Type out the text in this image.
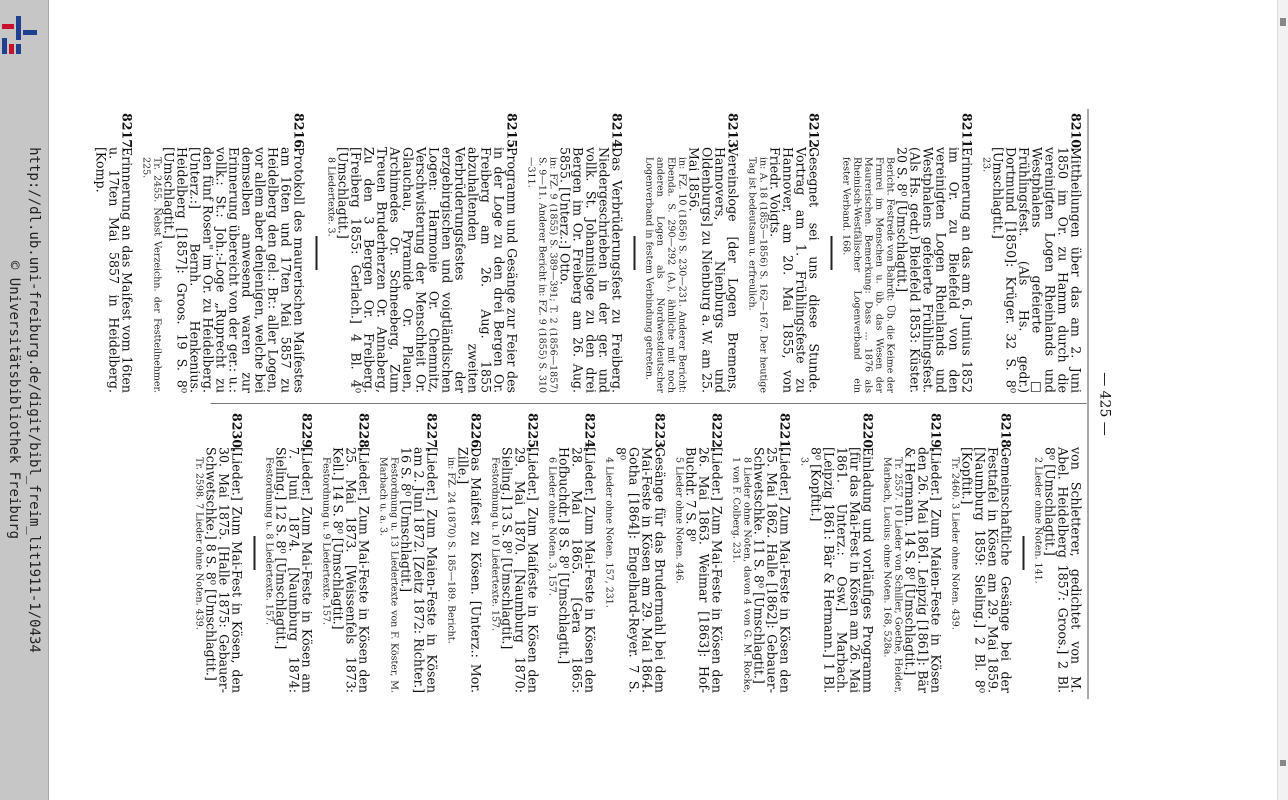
http://dl.ub.uni-freiburg.de/digit/bibl_freim_lit1911-1/0434
© Universitätsbibliothek Freiburg	— 425 —
8210.
Mittheilungen über das am 2. Juni 1850 im Or. zu Hamm durch die vereinigten Logen Rheinlands und Westphalens gefeierte □ Frühlingsfest. (Als Hs. gedr.) Dortmund [1850]: Krüger. 32 S. 8⁰ [Umschlagtit.]
23.
8211.
Erinnerung an das am 6. Junius 1852 im Or. zu Bielefeld von den vereinigten Logen Rheinlands und Westphalens gefeierte Frühlingsfest. (Als Hs. gedr.) Bielefeld 1853: Küster. 20 S. 8⁰ [Umschlagtit.]
Bericht. Festrede von Bahrdt: Üb. die Keime der Frmrei im Menschen u. üb. das Wesen der Maurerischen. Bemerkung: Dass ... 1876 als Rheinisch-Westfälischer Logenverband ein fester Verband. 168.
8212.
Gesegnet sei uns diese Stunde. Vortrag am 1. Frühlingsfeste zu Hannover, am 20. Mai 1855, von Friedr. Voigts.
in: A. 18 (1855—1856) S. 162—167. Der heutige Tag ist bedeutsam u. erfreulich.
8213.
Vereinsloge [der Logen Bremens, Hannovers, Nienburgs und Oldenburgs] zu Nienburg a. W. am 25. Mai 1856.
in: FZ. 10 (1856) S. 230—231. Anderer Bericht: Ebenda. S. 290—292 (A.), ähnliche mit noch anderen Logen als Nordwestdeutscher Logenverband in festem Verbindung getreten.
8214.
Das Verbrüderungsfest zu Freiberg. Niedergeschrieben in der ger. und vollk. St. Johannisloge zu den drei Bergen im Or. Freiberg am 26. Aug. 5855. [Unterz.:] Otto.
in: FZ. 9 (1855) S. 389—391; T. 2 (1856—1857) S. 9—11. Anderer Bericht in: FZ. 9 (1855) S. 310—311.
8215.
Programm und Gesänge zur Feier des in der Loge zu den drei Bergen Or. Freiberg am 26. Aug. 1855 abzuhaltenden zweiten Verbrüderungsfestes der erzgebirgischen und voigtländischen Logen: Harmonie Or. Chemnitz, Verschwisterung der Menschheit Or. Glauchau, Pyramide Or. Plauen, Archimedes Or. Schneeberg, Zum Treuen Bruderherzen Or. Annaberg, Zu den 3 Bergen Or. Freiberg. [Freiberg 1855: Gerlach.] 4 Bl. 4⁰ [Umschlagtit.]
8 Liedertexte. 3.
8216.
Protokoll des maurerischen Maifestes am 16ten und 17ten Mai 5857 zu Heidelberg den gel.: Br.: aller Logen, vor allem aber denjenigen, welche bei demselben anwesend waren zur Erinnerung übereicht von der ger.: u.: vollk.: St.: Joh.:-Loge „Ruprecht zu den fünf Rosen" im Or. zu Heidelberg. [Unterz.:] Bernh. Henkenius. Heidelberg [1857]: Groos. 19 S. 8⁰ [Umschlagtit.]
Tr. 2455. Nebst Verzeichn. der Festteilnehmer. 225.
8217.
Erinnerung an das Maifest vom 16ten u. 17ten Mai 5857 in Heidelberg. [Komp.
von Schletterer, gedichtet von M. Abel. Heidelberg 1857: Groos.] 2 Bl. 8⁰ [Umschlagtit.]
2 Lieder ohne Noten. 141.
8218.
Gemeinschaftliche Gesänge bei der Festtafel in Kösen am 29. Mai 1859. [Naumburg 1859: Sieling.] 2 Bl. 8⁰ [Kopftit.]
Tr. 2460. 3 Lieder ohne Noten. 439.
8219.
[Lieder.] Zum Maien-Feste in Kösen den 26. Mai 1861. Leipzig [1861]: Bär & Hermann. 14 S. 8⁰ [Umschlagtit.]
Tr. 2557. 10 Lieder von Schiller, Goethe, Heider, Marbach, Lucius; ohne Noten. 168, 528a.
8220.
Einladung und vorläufiges Programm [für das Mai-Fest in Kösen am 26. Mai 1861. Unterz.: Osw.] Marbach. [Leipzig 1861: Bär & Hermann.] 1 Bl. 8⁰ [Kopftit.]
3.
8221.
[Lieder.] Zum Mai-Feste in Kösen den 25. Mai 1862. Halle [1862]: Gebauer-Schwetschke. 11 S. 8⁰ [Umschlagtit.]
8 Lieder ohne Noten, davon 4 von G. M. Rocke, 1 von F. Colberg. 231.
8222.
[Lieder.] Zum Mai-Feste in Kösen den 26. Mai 1863. Weimar [1863]: Hof-Buchdr. 7 S. 8⁰
5 Lieder ohne Noten. 446.
8223.
Gesänge für das Brudermahl bei dem Mai-Feste in Kösen am 29. Mai 1864. Gotha [1864]: Engelhard-Reyer. 7 S. 8⁰
4 Lieder ohne Noten. 157, 231.
8224.
[Lieder.] Zum Mai-Feste in Kösen den 28. Mai 1865. [Gera 1865: Hofbuchdr.] 8 S. 8⁰ [Umschlagtit.]
6 Lieder ohne Noten. 3, 157.
8225.
[Lieder.] Zum Maifeste in Kösen den 29. Mai 1870. [Naumburg 1870: Sieling.] 13 S. 8⁰ [Umschlagtit.]
Festordnung u. 10 Liedertexte. 157.
8226.
Das Maifest zu Kösen. [Unterz.: Mor. Zille.]
in: FZ. 24 (1870) S. 185—189. Bericht.
8227.
[Lieder.] Zum Maien-Feste in Kösen am 2. Juni 1872. [Zeitz 1872: Richter.] 16 S. 8⁰ [Umschlagtit.]
Festordnung u. 13 Liedertexte von F. Köster, M. Marbach u. a. 3.
8228.
[Lieder.] Zum Mai-Feste in Kösen den 25. Mai 1873. [Weissenfels 1873: Kell.] 14 S. 8⁰ [Umschlagtit.]
Festordnung u. 9 Liedertexte. 157.
8229.
[Lieder.] Zum Mai-Feste in Kösen am 7. Juni 1874. [Naumburg 1874: Sieling.] 12 S. 8⁰ [Umschlagtit.]
Festordnung u. 8 Liedertexte. 157.
8230.
[Lieder.] Zum Mai-Fest in Kösen, den 30. Mai 1875. [Halle 1875: Gebauer-Schwetschke.] 8 S. 8⁰ [Umschlagtit.]
Tr. 2598. 7 Lieder ohne Noten. 439.
